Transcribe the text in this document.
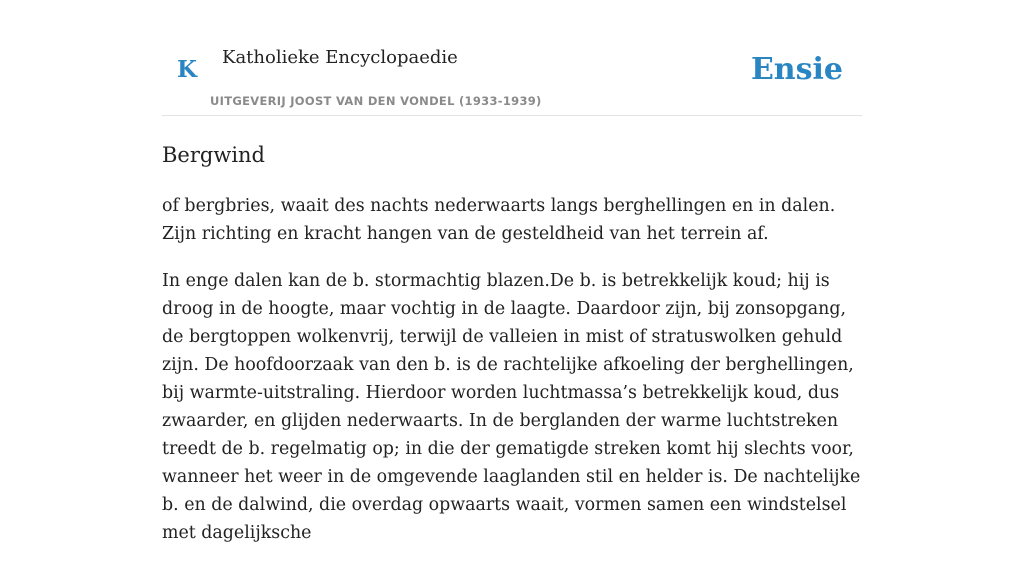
K Katholieke Encyclopaedie
UITGEVERIJ JOOST VAN DEN VONDEL (1933-1939)
Ensie
Bergwind

of bergbries, waait des nachts nederwaarts langs berghellingen en in dalen. Zijn richting en kracht hangen van de gesteldheid van het terrein af.

In enge dalen kan de b. stormachtig blazen.De b. is betrekkelijk koud; hij is droog in de hoogte, maar vochtig in de laagte. Daardoor zijn, bij zonsopgang, de bergtoppen wolkenvrij, terwijl de valleien in mist of stratuswolken gehuld zijn. De hoofdoorzaak van den b. is de rachtelijke afkoeling der berghellingen, bij warmte-uitstraling. Hierdoor worden luchtmassa’s betrekkelijk koud, dus zwaarder, en glijden nederwaarts. In de berglanden der warme luchtstreken treedt de b. regelmatig op; in die der gematigde streken komt hij slechts voor, wanneer het weer in de omgevende laaglanden stil en helder is. De nachtelijke b. en de dalwind, die overdag opwaarts waait, vormen samen een windstelsel met dagelijksche
